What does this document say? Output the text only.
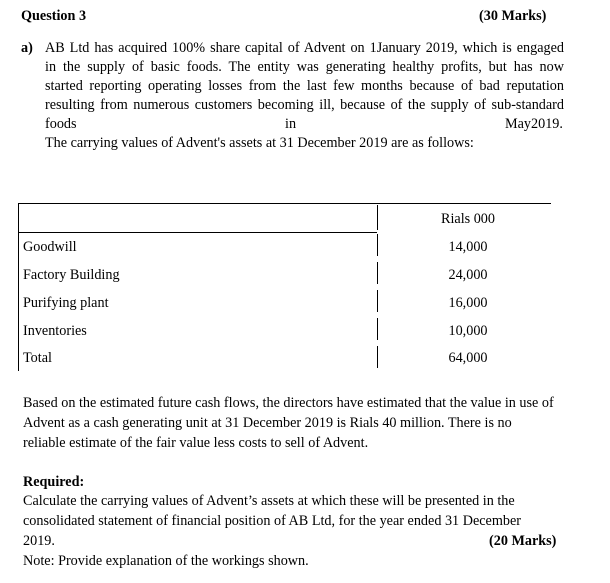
Question 3	(30 Marks)
a) AB Ltd has acquired 100% share capital of Advent on 1January 2019, which is engaged
in the supply of basic foods. The entity was generating healthy profits, but has now
started reporting operating losses from the last few months because of bad reputation
resulting from numerous customers becoming ill, because of the supply of sub-standard
foods	in	May2019.
The carrying values of Advent's assets at 31 December 2019 are as follows:
Rials 000
Goodwill	14,000
Factory Building	24,000
Purifying plant	16,000
Inventories	10,000
Total	64,000
Based on the estimated future cash flows, the directors have estimated that the value in use of
Advent as a cash generating unit at 31 December 2019 is Rials 40 million. There is no
reliable estimate of the fair value less costs to sell of Advent.
Required:
Calculate the carrying values of Advent’s assets at which these will be presented in the
consolidated statement of financial position of AB Ltd, for the year ended 31 December
2019.	(20 Marks)
Note: Provide explanation of the workings shown.
